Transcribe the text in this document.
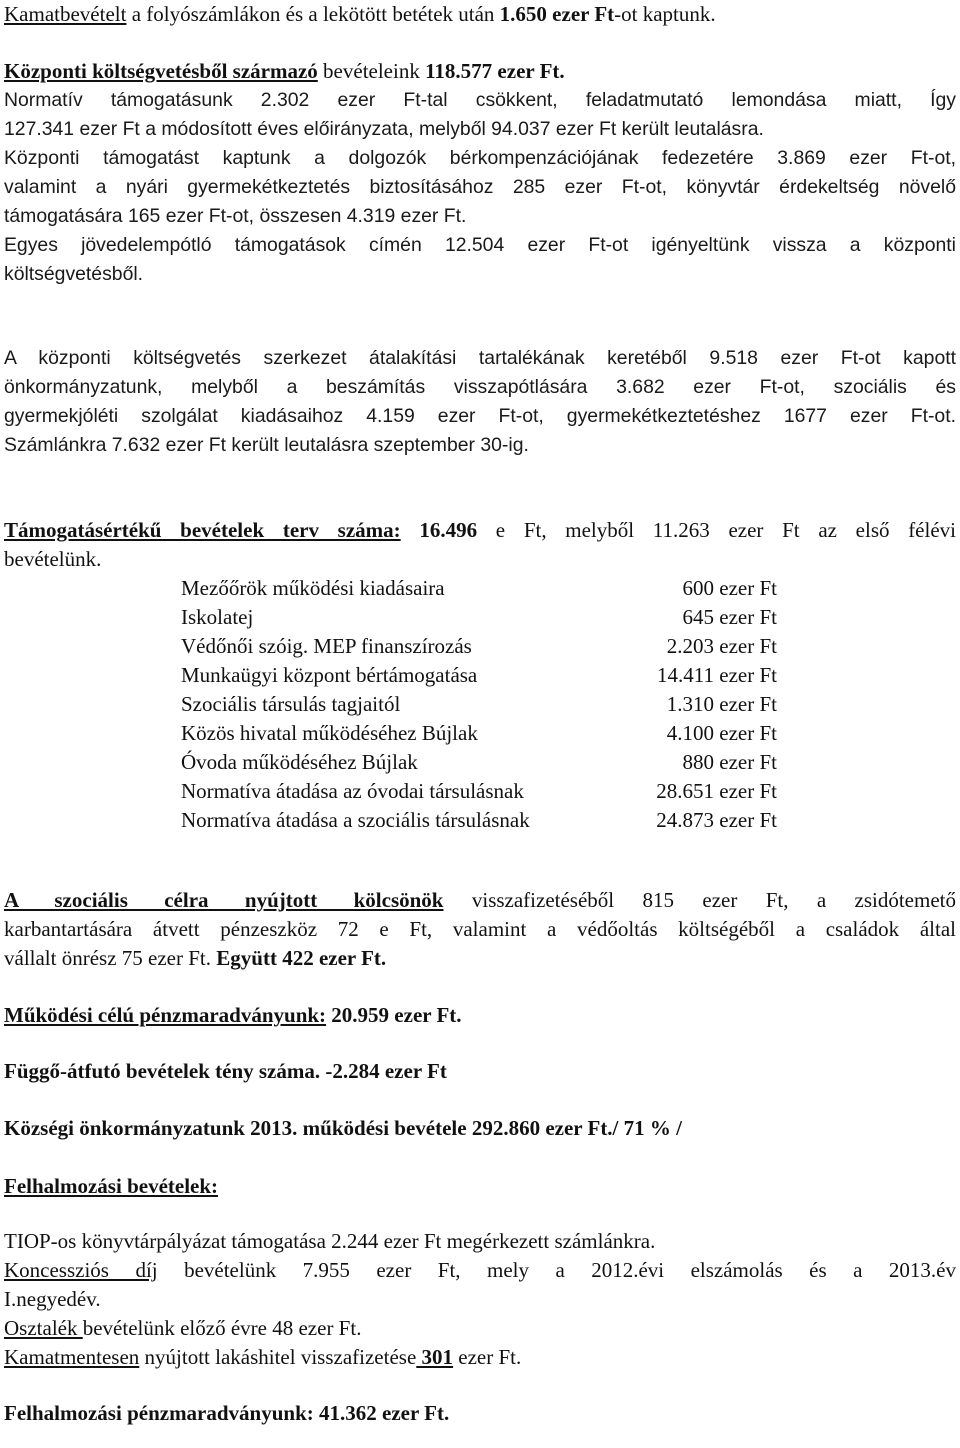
Kamatbevételt a folyószámlákon és a lekötött betétek után 1.650 ezer Ft-ot kaptunk.

Központi költségvetésből származó bevételeink 118.577 ezer Ft.

Normatív támogatásunk 2.302 ezer Ft-tal csökkent, feladatmutató lemondása miatt, Így
127.341 ezer Ft a módosított éves előirányzata, melyből 94.037 ezer Ft került leutalásra.
Központi támogatást kaptunk a dolgozók bérkompenzációjának fedezetére 3.869 ezer Ft-ot,
valamint a nyári gyermekétkeztetés biztosításához 285 ezer Ft-ot, könyvtár érdekeltség növelő
támogatására 165 ezer Ft-ot, összesen 4.319 ezer Ft.
Egyes jövedelempótló támogatások címén 12.504 ezer Ft-ot igényeltünk vissza a központi
költségvetésből.
A központi költségvetés szerkezet átalakítási tartalékának keretéből 9.518 ezer Ft-ot kapott
önkormányzatunk, melyből a beszámítás visszapótlására 3.682 ezer Ft-ot, szociális és
gyermekjóléti szolgálat kiadásaihoz 4.159 ezer Ft-ot, gyermekétkeztetéshez 1677 ezer Ft-ot.
Számlánkra 7.632 ezer Ft került leutalásra szeptember 30-ig.
Támogatásértékű bevételek terv száma: 16.496 e Ft, melyből 11.263 ezer Ft az első félévi
bevételünk.
Mezőőrök működési kiadásaira	600 ezer Ft
Iskolatej	645 ezer Ft
Védőnői szóig. MEP finanszírozás	2.203 ezer Ft
Munkaügyi központ bértámogatása	14.411 ezer Ft
Szociális társulás tagjaitól	1.310 ezer Ft
Közös hivatal működéséhez Bújlak	4.100 ezer Ft
Óvoda működéséhez Bújlak	880 ezer Ft
Normatíva átadása az óvodai társulásnak	28.651 ezer Ft
Normatíva átadása a szociális társulásnak	24.873 ezer Ft
A szociális célra nyújtott kölcsönök visszafizetéséből 815 ezer Ft, a zsidótemető
karbantartására átvett pénzeszköz 72 e Ft, valamint a védőoltás költségéből a családok által
vállalt önrész 75 ezer Ft. Együtt 422 ezer Ft.
Működési célú pénzmaradványunk: 20.959 ezer Ft.
Függő-átfutó bevételek tény száma. -2.284 ezer Ft
Községi önkormányzatunk 2013. működési bevétele 292.860 ezer Ft./ 71 % /
Felhalmozási bevételek:
TIOP-os könyvtárpályázat támogatása 2.244 ezer Ft megérkezett számlánkra.
Koncessziós díj bevételünk 7.955 ezer Ft, mely a 2012.évi elszámolás és a 2013.év
I.negyedév.
Osztalék bevételünk előző évre 48 ezer Ft.
Kamatmentesen nyújtott lakáshitel visszafizetése 301 ezer Ft.
Felhalmozási pénzmaradványunk: 41.362 ezer Ft.
